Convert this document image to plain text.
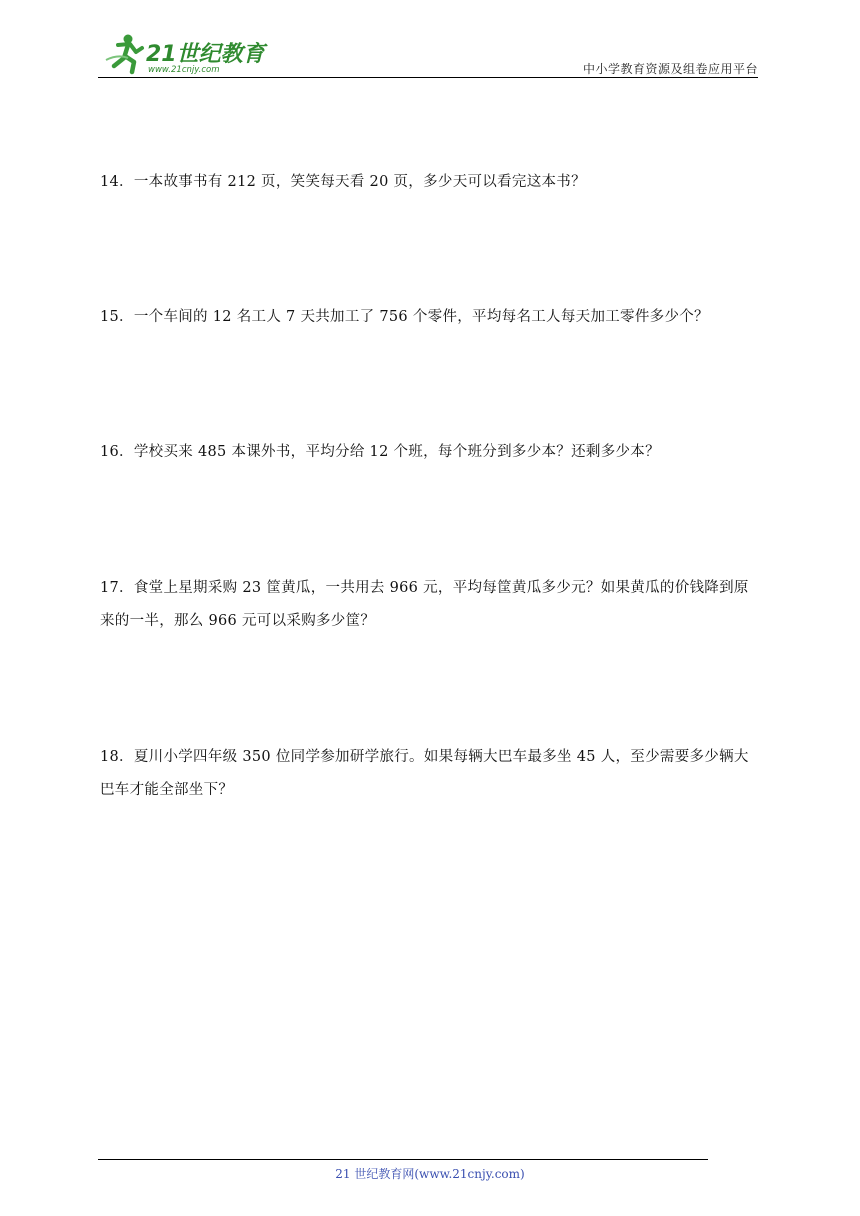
21世纪教育
www.21cnjy.com	中小学教育资源及组卷应用平台
14．一本故事书有 212 页，笑笑每天看 20 页，多少天可以看完这本书？
15．一个车间的 12 名工人 7 天共加工了 756 个零件，平均每名工人每天加工零件多少个？
16．学校买来 485 本课外书，平均分给 12 个班，每个班分到多少本？还剩多少本？
17．食堂上星期采购 23 筐黄瓜，一共用去 966 元，平均每筐黄瓜多少元？如果黄瓜的价钱降到原来的一半，那么 966 元可以采购多少筐？
18．夏川小学四年级 350 位同学参加研学旅行。如果每辆大巴车最多坐 45 人，至少需要多少辆大巴车才能全部坐下？
21 世纪教育网(www.21cnjy.com)
